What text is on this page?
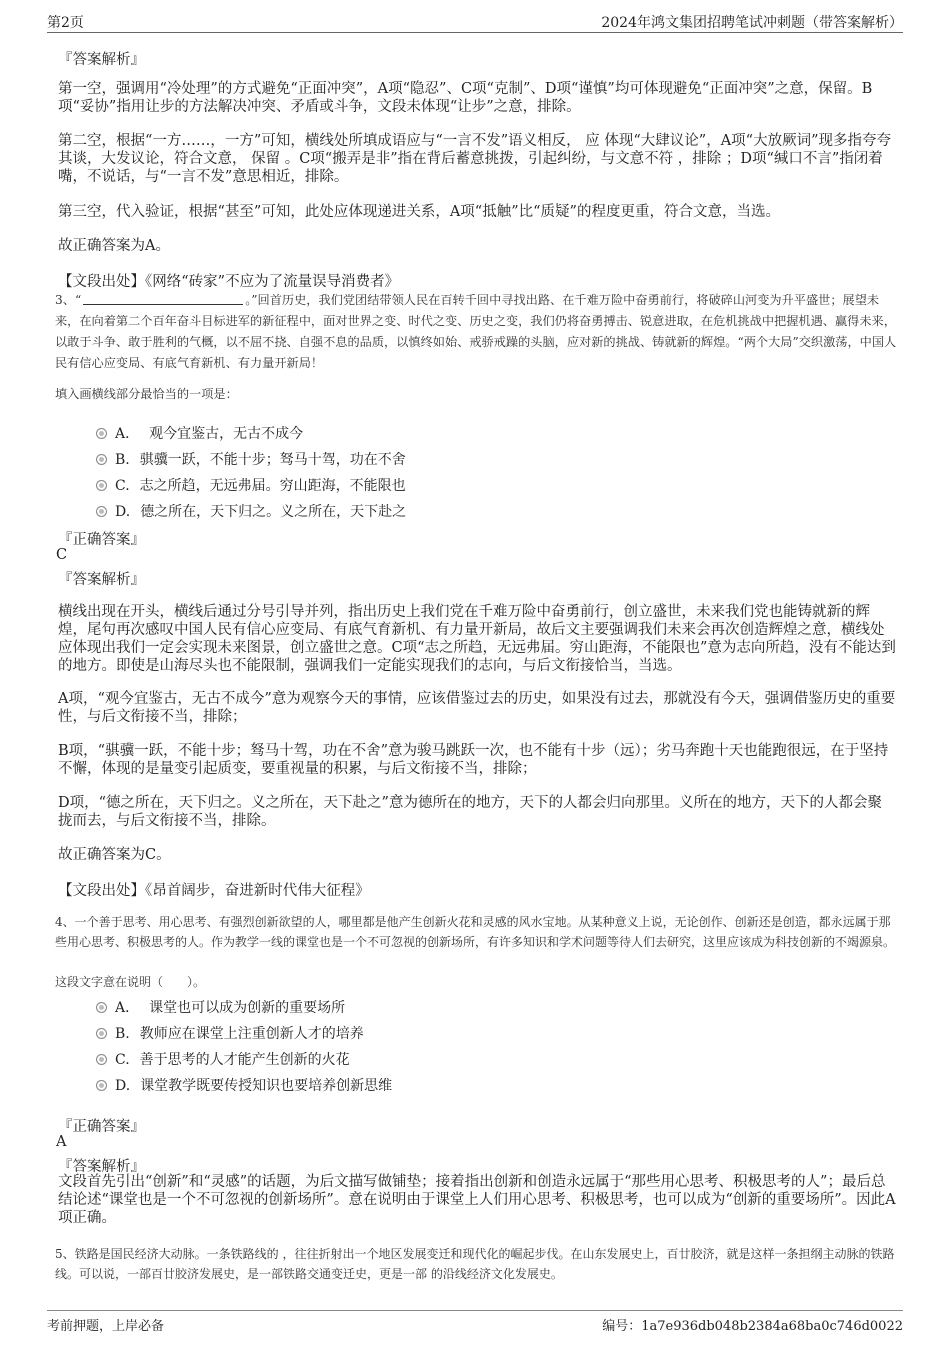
第2页	2024年鸿文集团招聘笔试冲刺题（带答案解析）
『答案解析』
第一空，强调用“冷处理”的方式避免“正面冲突”，A项“隐忍”、C项“克制”、D项“谨慎”均可体现避免“正面冲突”之意，保留。B项“妥协”指用让步的方法解决冲突、矛盾或斗争，文段未体现“让步”之意，排除。
第二空，根据“一方……，一方”可知，横线处所填成语应与“一言不发”语义相反， 应 体现“大肆议论”，A项“大放厥词”现多指夸夸其谈，大发议论，符合文意， 保留 。C项“搬弄是非”指在背后蓄意挑拨，引起纠纷，与文意不符 ，排除 ；D项“缄口不言”指闭着嘴，不说话，与“一言不发”意思相近，排除。
第三空，代入验证，根据“甚至”可知，此处应体现递进关系，A项“抵触”比“质疑”的程度更重，符合文意，当选。
故正确答案为A。
【文段出处】《网络“砖家”不应为了流量误导消费者》
3、“	。”回首历史，我们党团结带领人民在百转千回中寻找出路、在千难万险中奋勇前行，将破碎山河变为升平盛世；展望未来，在向着第二个百年奋斗目标进军的新征程中，面对世界之变、时代之变、历史之变，我们仍将奋勇搏击、锐意进取，在危机挑战中把握机遇、赢得未来，以敢于斗争、敢于胜利的气概，以不屈不挠、自强不息的品质，以慎终如始、戒骄戒躁的头脑，应对新的挑战、铸就新的辉煌。“两个大局”交织激荡，中国人民有信心应变局、有底气育新机、有力量开新局！
填入画横线部分最恰当的一项是：
A． 观今宜鉴古，无古不成今
B. 骐骥一跃，不能十步；驽马十驾，功在不舍
C. 志之所趋，无远弗届。穷山距海，不能限也
D. 德之所在，天下归之。义之所在，天下赴之
『正确答案』
C
『答案解析』
横线出现在开头，横线后通过分号引导并列，指出历史上我们党在千难万险中奋勇前行，创立盛世，未来我们党也能铸就新的辉煌，尾句再次感叹中国人民有信心应变局、有底气育新机、有力量开新局，故后文主要强调我们未来会再次创造辉煌之意，横线处应体现出我们一定会实现未来图景，创立盛世之意。C项“志之所趋，无远弗届。穷山距海，不能限也”意为志向所趋，没有不能达到的地方。即使是山海尽头也不能限制，强调我们一定能实现我们的志向，与后文衔接恰当，当选。
A项，“观今宜鉴古，无古不成今”意为观察今天的事情，应该借鉴过去的历史，如果没有过去，那就没有今天，强调借鉴历史的重要性，与后文衔接不当，排除；
B项，“骐骥一跃，不能十步；驽马十驾，功在不舍”意为骏马跳跃一次，也不能有十步（远）；劣马奔跑十天也能跑很远，在于坚持不懈，体现的是量变引起质变，要重视量的积累，与后文衔接不当，排除；
D项，“德之所在，天下归之。义之所在，天下赴之”意为德所在的地方，天下的人都会归向那里。义所在的地方，天下的人都会聚拢而去，与后文衔接不当，排除。
故正确答案为C。
【文段出处】《昂首阔步，奋进新时代伟大征程》
4、一个善于思考、用心思考、有强烈创新欲望的人，哪里都是他产生创新火花和灵感的风水宝地。从某种意义上说，无论创作、创新还是创造，都永远属于那些用心思考、积极思考的人。作为教学一线的课堂也是一个不可忽视的创新场所，有许多知识和学术问题等待人们去研究，这里应该成为科技创新的不竭源泉。
这段文字意在说明（　　）。
A． 课堂也可以成为创新的重要场所
B. 教师应在课堂上注重创新人才的培养
C. 善于思考的人才能产生创新的火花
D. 课堂教学既要传授知识也要培养创新思维
『正确答案』
A
『答案解析』
文段首先引出“创新”和“灵感”的话题，为后文描写做铺垫；接着指出创新和创造永远属于“那些用心思考、积极思考的人”；最后总结论述“课堂也是一个不可忽视的创新场所”。意在说明由于课堂上人们用心思考、积极思考，也可以成为“创新的重要场所”。因此A项正确。
5、铁路是国民经济大动脉。一条铁路线的 ，往往折射出一个地区发展变迁和现代化的崛起步伐。在山东发展史上，百廿胶济，就是这样一条担纲主动脉的铁路线。可以说，一部百廿胶济发展史，是一部铁路交通变迁史，更是一部 的沿线经济文化发展史。
考前押题，上岸必备	编号：1a7e936db048b2384a68ba0c746d0022
